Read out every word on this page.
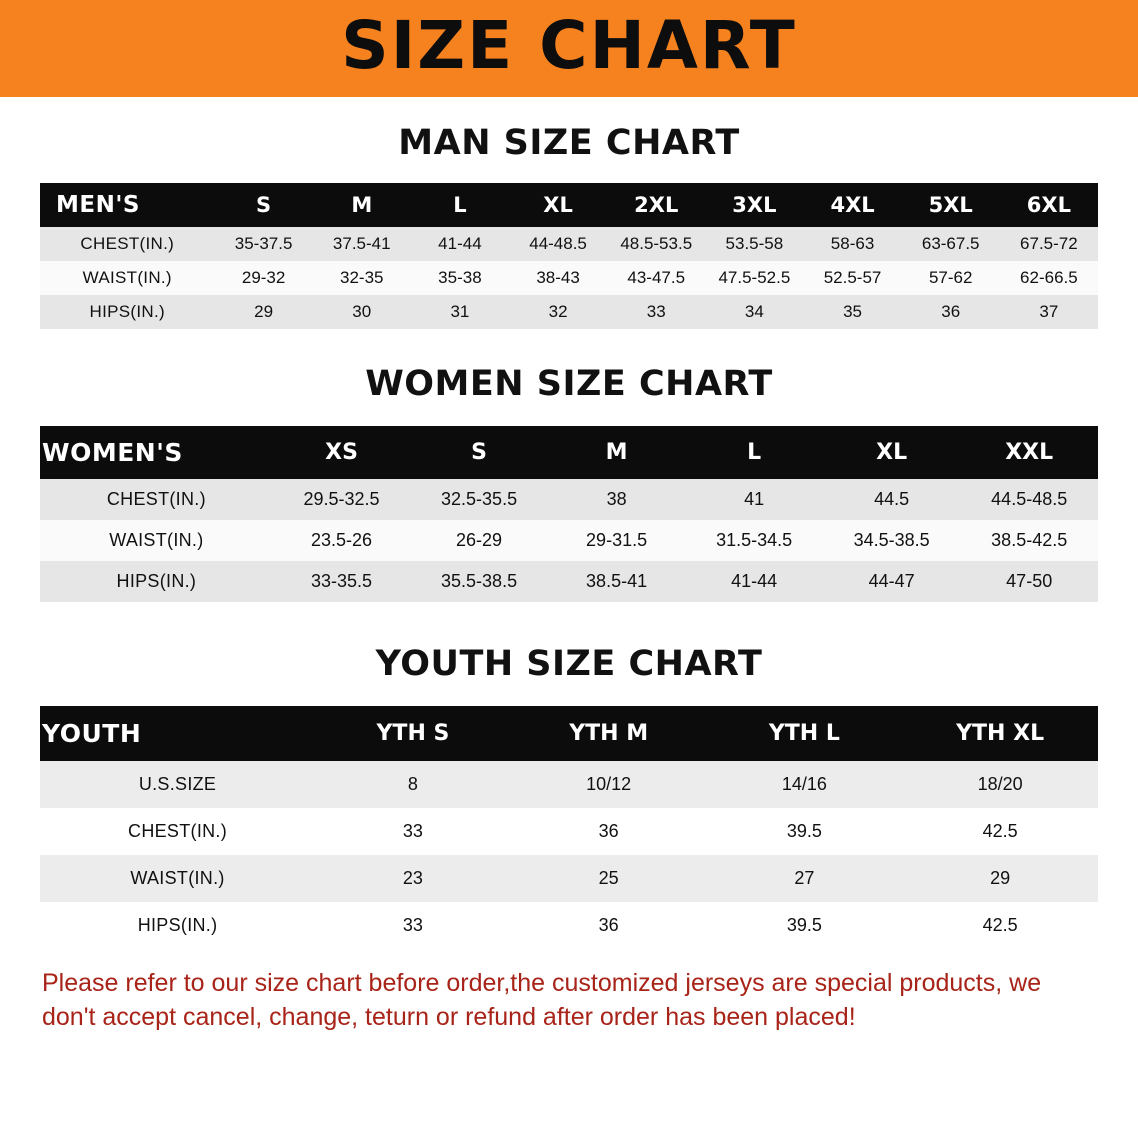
SIZE CHART
MAN SIZE CHART
MEN'S	S	M	L	XL	2XL	3XL	4XL	5XL	6XL
CHEST(IN.)	35-37.5	37.5-41	41-44	44-48.5	48.5-53.5	53.5-58	58-63	63-67.5	67.5-72
WAIST(IN.)	29-32	32-35	35-38	38-43	43-47.5	47.5-52.5	52.5-57	57-62	62-66.5
HIPS(IN.)	29	30	31	32	33	34	35	36	37
WOMEN SIZE CHART
WOMEN'S	XS	S	M	L	XL	XXL
CHEST(IN.)	29.5-32.5	32.5-35.5	38	41	44.5	44.5-48.5
WAIST(IN.)	23.5-26	26-29	29-31.5	31.5-34.5	34.5-38.5	38.5-42.5
HIPS(IN.)	33-35.5	35.5-38.5	38.5-41	41-44	44-47	47-50
YOUTH SIZE CHART
YOUTH	YTH S	YTH M	YTH L	YTH XL
U.S.SIZE	8	10/12	14/16	18/20
CHEST(IN.)	33	36	39.5	42.5
WAIST(IN.)	23	25	27	29
HIPS(IN.)	33	36	39.5	42.5

Please refer to our size chart before order,the customized jerseys are special products, we don't accept cancel, change, teturn or refund after order has been placed!
